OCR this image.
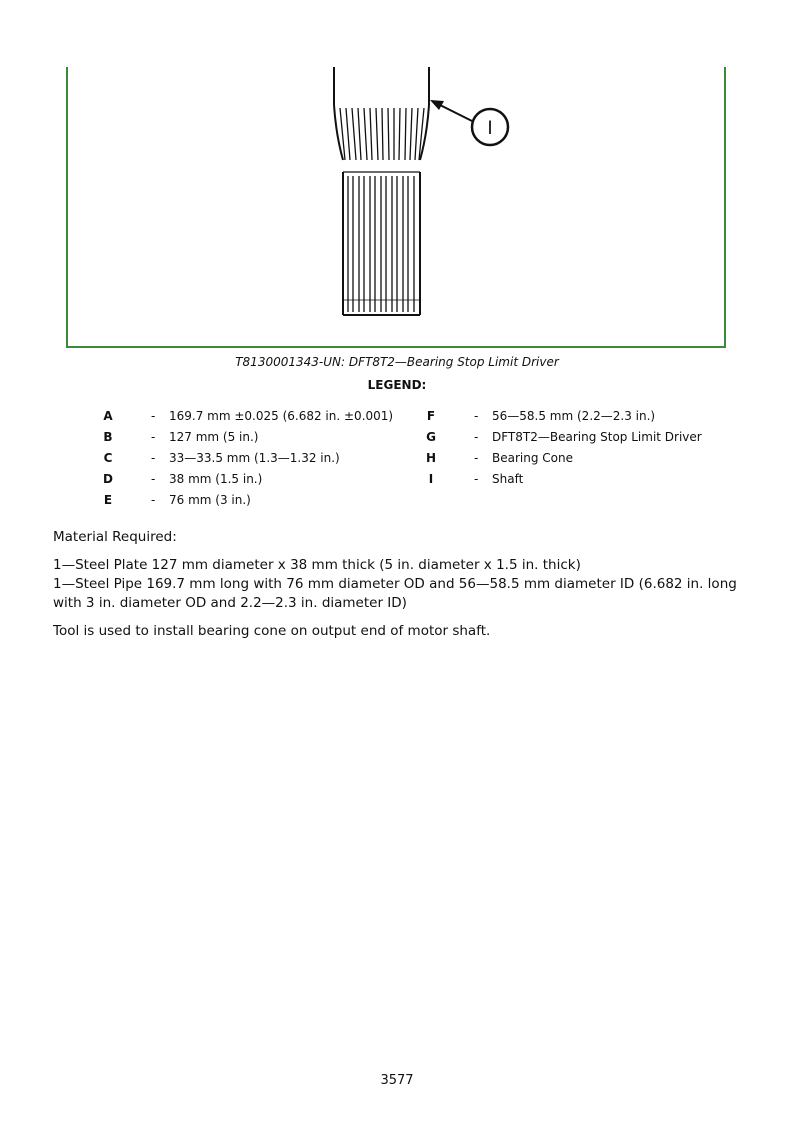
I
T8130001343-UN: DFT8T2—Bearing Stop Limit Driver
LEGEND:
A	- 169.7 mm ±0.025 (6.682 in. ±0.001)
B	- 127 mm (5 in.)
C	- 33—33.5 mm (1.3—1.32 in.)
D	- 38 mm (1.5 in.)
E	- 76 mm (3 in.)
F	- 56—58.5 mm (2.2—2.3 in.)
G	- DFT8T2—Bearing Stop Limit Driver
H	- Bearing Cone
I	- Shaft
Material Required:
1—Steel Plate 127 mm diameter x 38 mm thick (5 in. diameter x 1.5 in. thick)
1—Steel Pipe 169.7 mm long with 76 mm diameter OD and 56—58.5 mm diameter ID (6.682 in. long with 3 in. diameter OD and 2.2—2.3 in. diameter ID)
Tool is used to install bearing cone on output end of motor shaft.
3577
